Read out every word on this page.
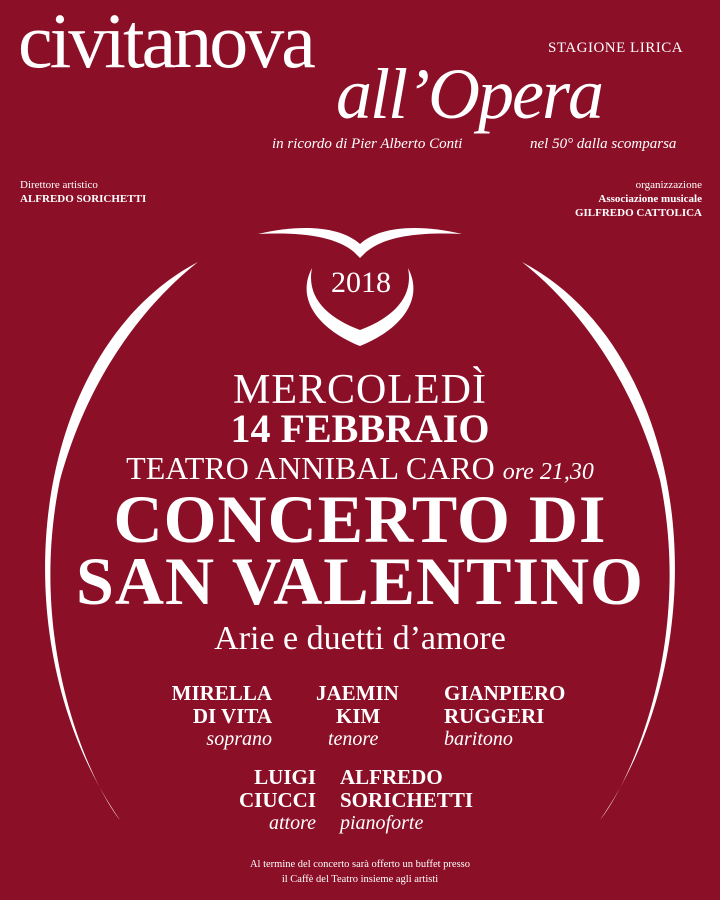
civitanova
all’Opera
STAGIONE LIRICA
in ricordo di Pier Alberto Conti	nel 50° dalla scomparsa
Direttore artistico
ALFREDO SORICHETTI
organizzazione
Associazione musicale
GILFREDO CATTOLICA
2018
MERCOLEDÌ
14 FEBBRAIO
TEATRO ANNIBAL CARO ore 21,30
CONCERTO DI
SAN VALENTINO
Arie e duetti d’amore
MIRELLA
DI VITA
soprano
JAEMIN
KIM
tenore
GIANPIERO
RUGGERI
baritono
LUIGI
CIUCCI
attore
ALFREDO
SORICHETTI
pianoforte
Al termine del concerto sarà offerto un buffet presso
il Caffè del Teatro insieme agli artisti
